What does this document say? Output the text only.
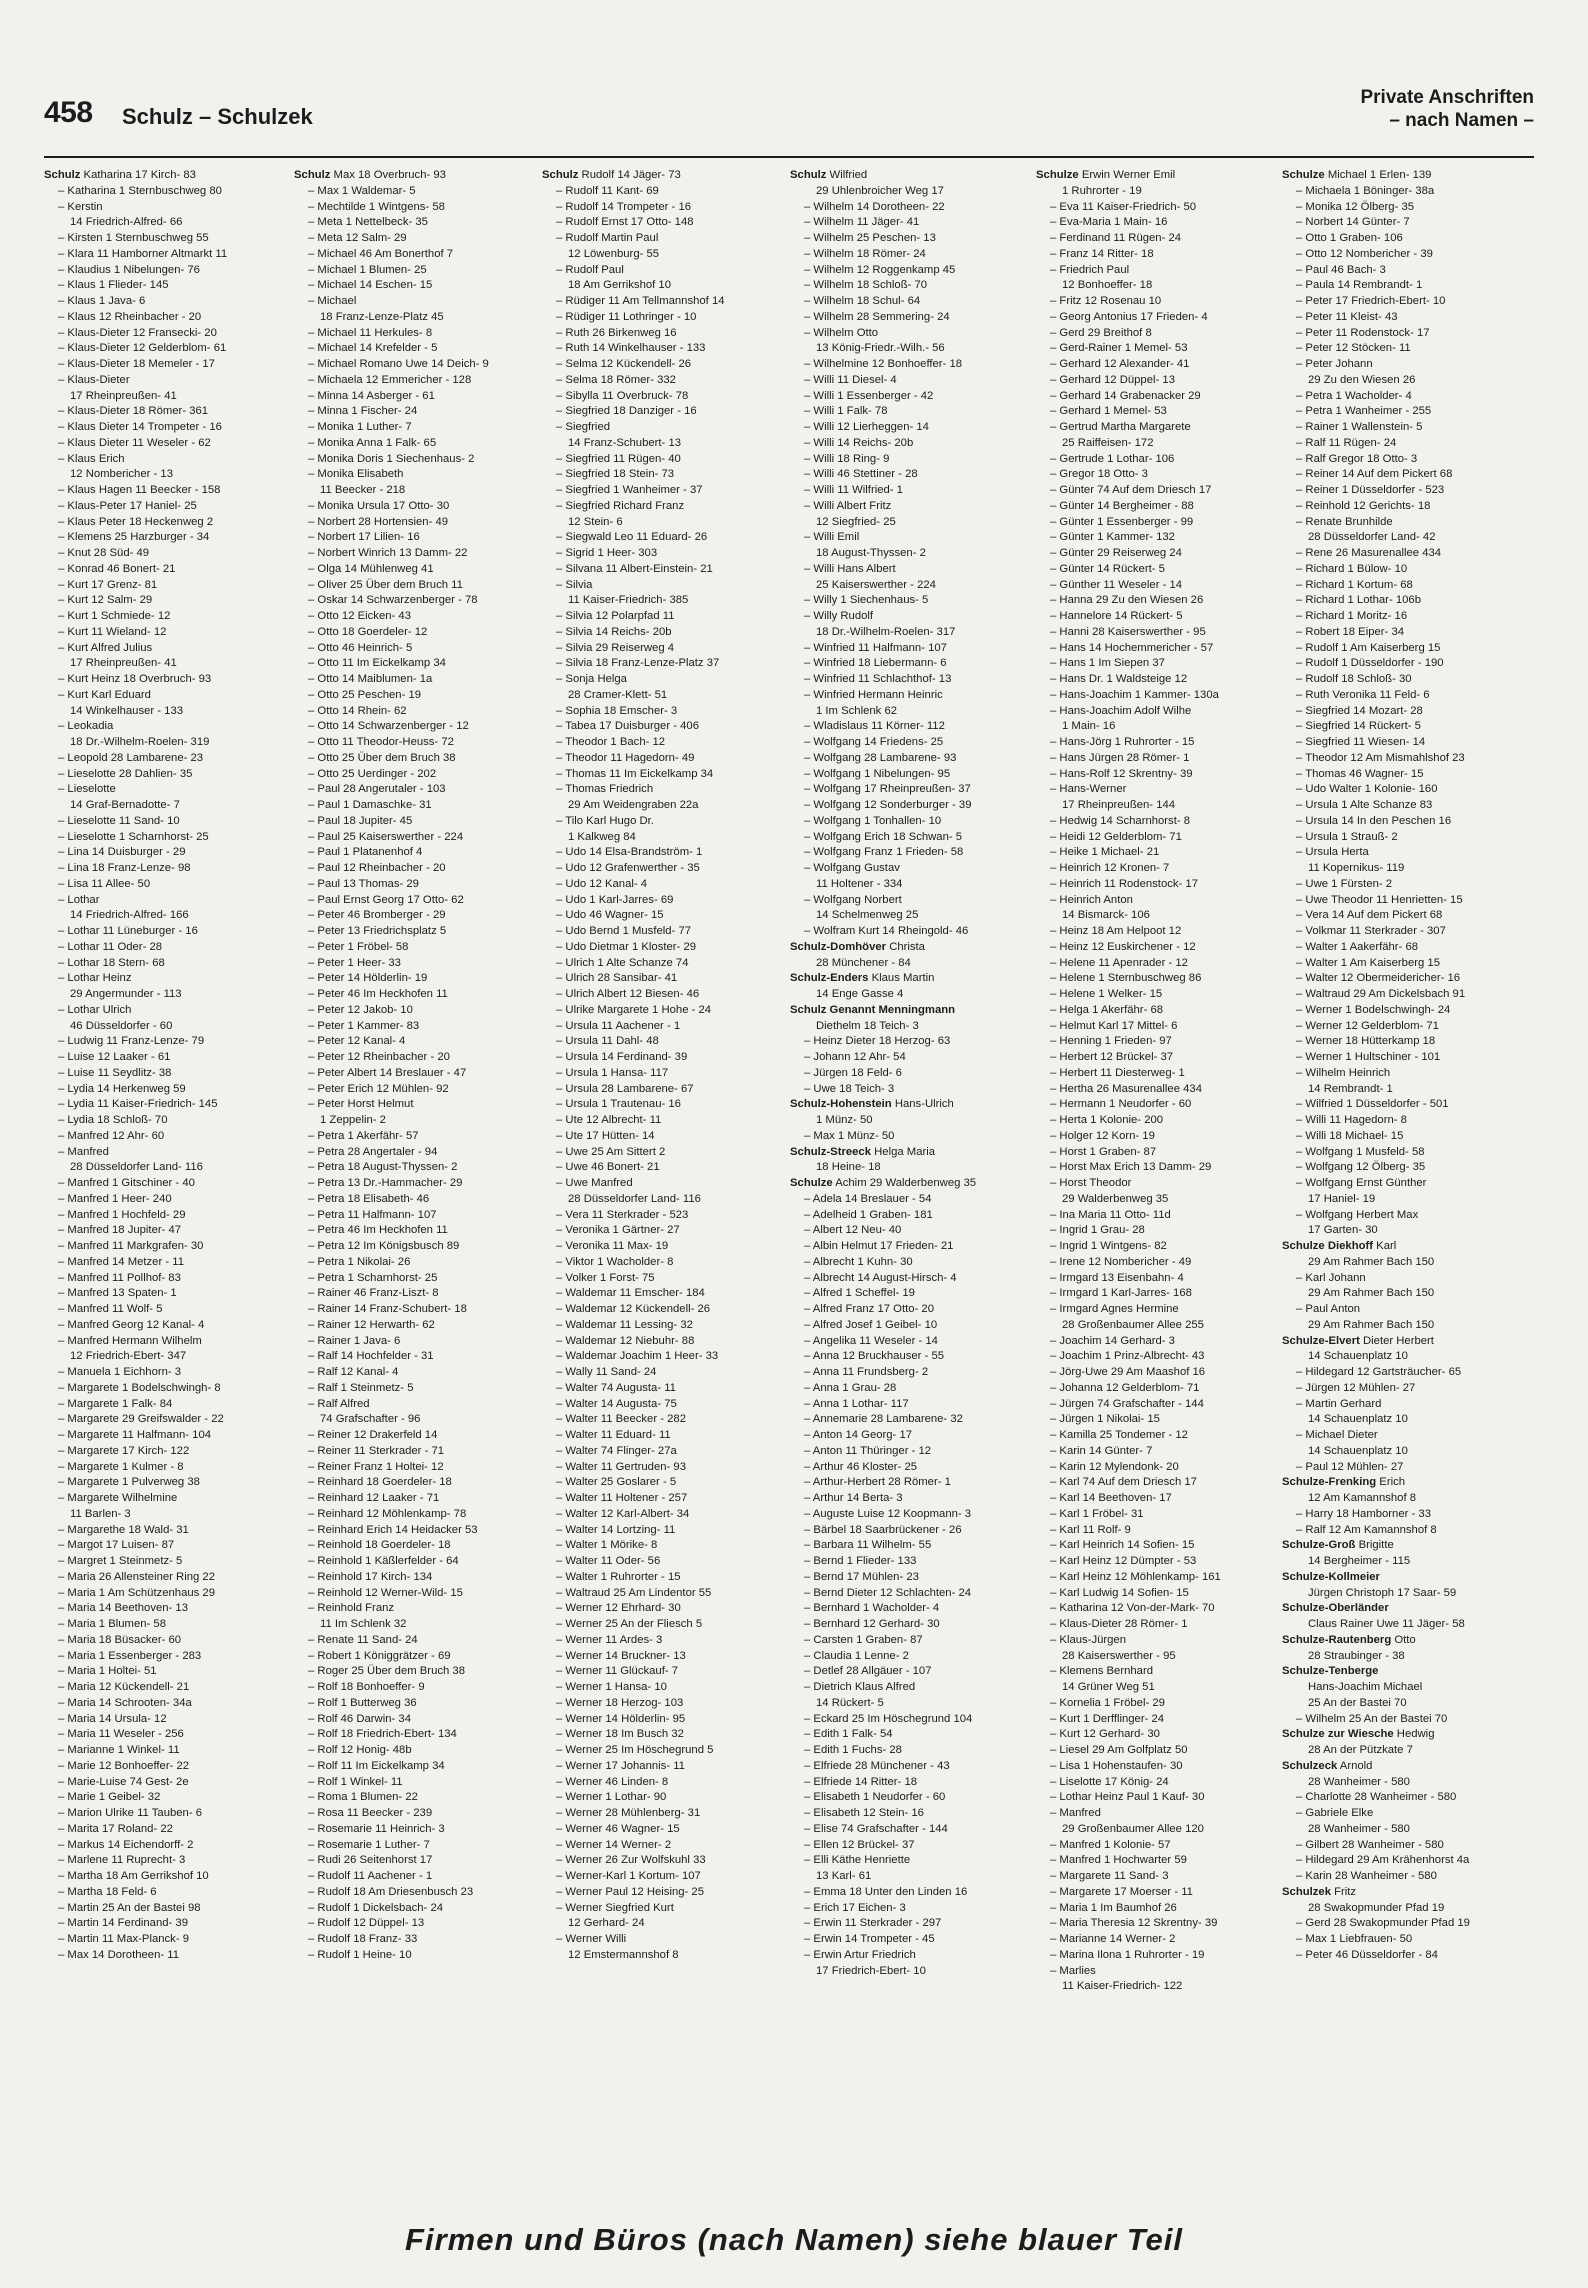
458 Schulz – Schulzek
Private Anschriften
– nach Namen –
Schulz Katharina 17 Kirch- 83
– Katharina 1 Sternbuschweg 80
– Kerstin
14 Friedrich-Alfred- 66
– Kirsten 1 Sternbuschweg 55
– Klara 11 Hamborner Altmarkt 11
– Klaudius 1 Nibelungen- 76
– Klaus 1 Flieder- 145
– Klaus 1 Java- 6
– Klaus 12 Rheinbacher - 20
– Klaus-Dieter 12 Fransecki- 20
– Klaus-Dieter 12 Gelderblom- 61
– Klaus-Dieter 18 Memeler - 17
– Klaus-Dieter
17 Rheinpreußen- 41
– Klaus-Dieter 18 Römer- 361
– Klaus Dieter 14 Trompeter - 16
– Klaus Dieter 11 Weseler - 62
– Klaus Erich
12 Nombericher - 13
– Klaus Hagen 11 Beecker - 158
– Klaus-Peter 17 Haniel- 25
– Klaus Peter 18 Heckenweg 2
– Klemens 25 Harzburger - 34
– Knut 28 Süd- 49
– Konrad 46 Bonert- 21
– Kurt 17 Grenz- 81
– Kurt 12 Salm- 29
– Kurt 1 Schmiede- 12
– Kurt 11 Wieland- 12
– Kurt Alfred Julius
17 Rheinpreußen- 41
– Kurt Heinz 18 Overbruch- 93
– Kurt Karl Eduard
14 Winkelhauser - 133
– Leokadia
18 Dr.-Wilhelm-Roelen- 319
– Leopold 28 Lambarene- 23
– Lieselotte 28 Dahlien- 35
– Lieselotte
14 Graf-Bernadotte- 7
– Lieselotte 11 Sand- 10
– Lieselotte 1 Scharnhorst- 25
– Lina 14 Duisburger - 29
– Lina 18 Franz-Lenze- 98
– Lisa 11 Allee- 50
– Lothar
14 Friedrich-Alfred- 166
– Lothar 11 Lüneburger - 16
– Lothar 11 Oder- 28
– Lothar 18 Stern- 68
– Lothar Heinz
29 Angermunder - 113
– Lothar Ulrich
46 Düsseldorfer - 60
– Ludwig 11 Franz-Lenze- 79
– Luise 12 Laaker - 61
– Luise 11 Seydlitz- 38
– Lydia 14 Herkenweg 59
– Lydia 11 Kaiser-Friedrich- 145
– Lydia 18 Schloß- 70
– Manfred 12 Ahr- 60
– Manfred
28 Düsseldorfer Land- 116
– Manfred 1 Gitschiner - 40
– Manfred 1 Heer- 240
– Manfred 1 Hochfeld- 29
– Manfred 18 Jupiter- 47
– Manfred 11 Markgrafen- 30
– Manfred 14 Metzer - 11
– Manfred 11 Pollhof- 83
– Manfred 13 Spaten- 1
– Manfred 11 Wolf- 5
– Manfred Georg 12 Kanal- 4
– Manfred Hermann Wilhelm
12 Friedrich-Ebert- 347
– Manuela 1 Eichhorn- 3
– Margarete 1 Bodelschwingh- 8
– Margarete 1 Falk- 84
– Margarete 29 Greifswalder - 22
– Margarete 11 Halfmann- 104
– Margarete 17 Kirch- 122
– Margarete 1 Kulmer - 8
– Margarete 1 Pulverweg 38
– Margarete Wilhelmine
11 Barlen- 3
– Margarethe 18 Wald- 31
– Margot 17 Luisen- 87
– Margret 1 Steinmetz- 5
– Maria 26 Allensteiner Ring 22
– Maria 1 Am Schützenhaus 29
– Maria 14 Beethoven- 13
– Maria 1 Blumen- 58
– Maria 18 Büsacker- 60
– Maria 1 Essenberger - 283
– Maria 1 Holtei- 51
– Maria 12 Kückendell- 21
– Maria 14 Schrooten- 34a
– Maria 14 Ursula- 12
– Maria 11 Weseler - 256
– Marianne 1 Winkel- 11
– Marie 12 Bonhoeffer- 22
– Marie-Luise 74 Gest- 2e
– Marie 1 Geibel- 32
– Marion Ulrike 11 Tauben- 6
– Marita 17 Roland- 22
– Markus 14 Eichendorff- 2
– Marlene 11 Ruprecht- 3
– Martha 18 Am Gerrikshof 10
– Martha 18 Feld- 6
– Martin 25 An der Bastei 98
– Martin 14 Ferdinand- 39
– Martin 11 Max-Planck- 9
– Max 14 Dorotheen- 11
Schulz Max 18 Overbruch- 93
– Max 1 Waldemar- 5
– Mechtilde 1 Wintgens- 58
– Meta 1 Nettelbeck- 35
– Meta 12 Salm- 29
– Michael 46 Am Bonerthof 7
– Michael 1 Blumen- 25
– Michael 14 Eschen- 15
– Michael
18 Franz-Lenze-Platz 45
– Michael 11 Herkules- 8
– Michael 14 Krefelder - 5
– Michael Romano Uwe 14 Deich- 9
– Michaela 12 Emmericher - 128
– Minna 14 Asberger - 61
– Minna 1 Fischer- 24
– Monika 1 Luther- 7
– Monika Anna 1 Falk- 65
– Monika Doris 1 Siechenhaus- 2
– Monika Elisabeth
11 Beecker - 218
– Monika Ursula 17 Otto- 30
– Norbert 28 Hortensien- 49
– Norbert 17 Lilien- 16
– Norbert Winrich 13 Damm- 22
– Olga 14 Mühlenweg 41
– Oliver 25 Über dem Bruch 11
– Oskar 14 Schwarzenberger - 78
– Otto 12 Eicken- 43
– Otto 18 Goerdeler- 12
– Otto 46 Heinrich- 5
– Otto 11 Im Eickelkamp 34
– Otto 14 Maiblumen- 1a
– Otto 25 Peschen- 19
– Otto 14 Rhein- 62
– Otto 14 Schwarzenberger - 12
– Otto 11 Theodor-Heuss- 72
– Otto 25 Über dem Bruch 38
– Otto 25 Uerdinger - 202
– Paul 28 Angerutaler - 103
– Paul 1 Damaschke- 31
– Paul 18 Jupiter- 45
– Paul 25 Kaiserswerther - 224
– Paul 1 Platanenhof 4
– Paul 12 Rheinbacher - 20
– Paul 13 Thomas- 29
– Paul Ernst Georg 17 Otto- 62
– Peter 46 Bromberger - 29
– Peter 13 Friedrichsplatz 5
– Peter 1 Fröbel- 58
– Peter 1 Heer- 33
– Peter 14 Hölderlin- 19
– Peter 46 Im Heckhofen 11
– Peter 12 Jakob- 10
– Peter 1 Kammer- 83
– Peter 12 Kanal- 4
– Peter 12 Rheinbacher - 20
– Peter Albert 14 Breslauer - 47
– Peter Erich 12 Mühlen- 92
– Peter Horst Helmut
1 Zeppelin- 2
– Petra 1 Akerfähr- 57
– Petra 28 Angertaler - 94
– Petra 18 August-Thyssen- 2
– Petra 13 Dr.-Hammacher- 29
– Petra 18 Elisabeth- 46
– Petra 11 Halfmann- 107
– Petra 46 Im Heckhofen 11
– Petra 12 Im Königsbusch 89
– Petra 1 Nikolai- 26
– Petra 1 Scharnhorst- 25
– Rainer 46 Franz-Liszt- 8
– Rainer 14 Franz-Schubert- 18
– Rainer 12 Herwarth- 62
– Rainer 1 Java- 6
– Ralf 14 Hochfelder - 31
– Ralf 12 Kanal- 4
– Ralf 1 Steinmetz- 5
– Ralf Alfred
74 Grafschafter - 96
– Reiner 12 Drakerfeld 14
– Reiner 11 Sterkrader - 71
– Reiner Franz 1 Holtei- 12
– Reinhard 18 Goerdeler- 18
– Reinhard 12 Laaker - 71
– Reinhard 12 Möhlenkamp- 78
– Reinhard Erich 14 Heidacker 53
– Reinhold 18 Goerdeler- 18
– Reinhold 1 Käßlerfelder - 64
– Reinhold 17 Kirch- 134
– Reinhold 12 Werner-Wild- 15
– Reinhold Franz
11 Im Schlenk 32
– Renate 11 Sand- 24
– Robert 1 Königgrätzer - 69
– Roger 25 Über dem Bruch 38
– Rolf 18 Bonhoeffer- 9
– Rolf 1 Butterweg 36
– Rolf 46 Darwin- 34
– Rolf 18 Friedrich-Ebert- 134
– Rolf 12 Honig- 48b
– Rolf 11 Im Eickelkamp 34
– Rolf 1 Winkel- 11
– Roma 1 Blumen- 22
– Rosa 11 Beecker - 239
– Rosemarie 11 Heinrich- 3
– Rosemarie 1 Luther- 7
– Rudi 26 Seitenhorst 17
– Rudolf 11 Aachener - 1
– Rudolf 18 Am Driesenbusch 23
– Rudolf 1 Dickelsbach- 24
– Rudolf 12 Düppel- 13
– Rudolf 18 Franz- 33
– Rudolf 1 Heine- 10
Schulz Rudolf 14 Jäger- 73
– Rudolf 11 Kant- 69
– Rudolf 14 Trompeter - 16
– Rudolf Ernst 17 Otto- 148
– Rudolf Martin Paul
12 Löwenburg- 55
– Rudolf Paul
18 Am Gerrikshof 10
– Rüdiger 11 Am Tellmannshof 14
– Rüdiger 11 Lothringer - 10
– Ruth 26 Birkenweg 16
– Ruth 14 Winkelhauser - 133
– Selma 12 Kückendell- 26
– Selma 18 Römer- 332
– Sibylla 11 Overbruck- 78
– Siegfried 18 Danziger - 16
– Siegfried
14 Franz-Schubert- 13
– Siegfried 11 Rügen- 40
– Siegfried 18 Stein- 73
– Siegfried 1 Wanheimer - 37
– Siegfried Richard Franz
12 Stein- 6
– Siegwald Leo 11 Eduard- 26
– Sigrid 1 Heer- 303
– Silvana 11 Albert-Einstein- 21
– Silvia
11 Kaiser-Friedrich- 385
– Silvia 12 Polarpfad 11
– Silvia 14 Reichs- 20b
– Silvia 29 Reiserweg 4
– Silvia 18 Franz-Lenze-Platz 37
– Sonja Helga
28 Cramer-Klett- 51
– Sophia 18 Emscher- 3
– Tabea 17 Duisburger - 406
– Theodor 1 Bach- 12
– Theodor 11 Hagedorn- 49
– Thomas 11 Im Eickelkamp 34
– Thomas Friedrich
29 Am Weidengraben 22a
– Tilo Karl Hugo Dr.
1 Kalkweg 84
– Udo 14 Elsa-Brandström- 1
– Udo 12 Grafenwerther - 35
– Udo 12 Kanal- 4
– Udo 1 Karl-Jarres- 69
– Udo 46 Wagner- 15
– Udo Bernd 1 Musfeld- 77
– Udo Dietmar 1 Kloster- 29
– Ulrich 1 Alte Schanze 74
– Ulrich 28 Sansibar- 41
– Ulrich Albert 12 Biesen- 46
– Ulrike Margarete 1 Hohe - 24
– Ursula 11 Aachener - 1
– Ursula 11 Dahl- 48
– Ursula 14 Ferdinand- 39
– Ursula 1 Hansa- 117
– Ursula 28 Lambarene- 67
– Ursula 1 Trautenau- 16
– Ute 12 Albrecht- 11
– Ute 17 Hütten- 14
– Uwe 25 Am Sittert 2
– Uwe 46 Bonert- 21
– Uwe Manfred
28 Düsseldorfer Land- 116
– Vera 11 Sterkrader - 523
– Veronika 1 Gärtner- 27
– Veronika 11 Max- 19
– Viktor 1 Wacholder- 8
– Volker 1 Forst- 75
– Waldemar 11 Emscher- 184
– Waldemar 12 Kückendell- 26
– Waldemar 11 Lessing- 32
– Waldemar 12 Niebuhr- 88
– Waldemar Joachim 1 Heer- 33
– Wally 11 Sand- 24
– Walter 74 Augusta- 11
– Walter 14 Augusta- 75
– Walter 11 Beecker - 282
– Walter 11 Eduard- 11
– Walter 74 Flinger- 27a
– Walter 11 Gertruden- 93
– Walter 25 Goslarer - 5
– Walter 11 Holtener - 257
– Walter 12 Karl-Albert- 34
– Walter 14 Lortzing- 11
– Walter 1 Mörike- 8
– Walter 11 Oder- 56
– Walter 1 Ruhrorter - 15
– Waltraud 25 Am Lindentor 55
– Werner 12 Ehrhard- 30
– Werner 25 An der Fliesch 5
– Werner 11 Ardes- 3
– Werner 14 Bruckner- 13
– Werner 11 Glückauf- 7
– Werner 1 Hansa- 10
– Werner 18 Herzog- 103
– Werner 14 Hölderlin- 95
– Werner 18 Im Busch 32
– Werner 25 Im Höschegrund 5
– Werner 17 Johannis- 11
– Werner 46 Linden- 8
– Werner 1 Lothar- 90
– Werner 28 Mühlenberg- 31
– Werner 46 Wagner- 15
– Werner 14 Werner- 2
– Werner 26 Zur Wolfskuhl 33
– Werner-Karl 1 Kortum- 107
– Werner Paul 12 Heising- 25
– Werner Siegfried Kurt
12 Gerhard- 24
– Werner Willi
12 Emstermannshof 8
Schulz Wilfried
29 Uhlenbroicher Weg 17
– Wilhelm 14 Dorotheen- 22
– Wilhelm 11 Jäger- 41
– Wilhelm 25 Peschen- 13
– Wilhelm 18 Römer- 24
– Wilhelm 12 Roggenkamp 45
– Wilhelm 18 Schloß- 70
– Wilhelm 18 Schul- 64
– Wilhelm 28 Semmering- 24
– Wilhelm Otto
13 König-Friedr.-Wilh.- 56
– Wilhelmine 12 Bonhoeffer- 18
– Willi 11 Diesel- 4
– Willi 1 Essenberger - 42
– Willi 1 Falk- 78
– Willi 12 Lierheggen- 14
– Willi 14 Reichs- 20b
– Willi 18 Ring- 9
– Willi 46 Stettiner - 28
– Willi 11 Wilfried- 1
– Willi Albert Fritz
12 Siegfried- 25
– Willi Emil
18 August-Thyssen- 2
– Willi Hans Albert
25 Kaiserswerther - 224
– Willy 1 Siechenhaus- 5
– Willy Rudolf
18 Dr.-Wilhelm-Roelen- 317
– Winfried 11 Halfmann- 107
– Winfried 18 Liebermann- 6
– Winfried 11 Schlachthof- 13
– Winfried Hermann Heinric
1 Im Schlenk 62
– Wladislaus 11 Körner- 112
– Wolfgang 14 Friedens- 25
– Wolfgang 28 Lambarene- 93
– Wolfgang 1 Nibelungen- 95
– Wolfgang 17 Rheinpreußen- 37
– Wolfgang 12 Sonderburger - 39
– Wolfgang 1 Tonhallen- 10
– Wolfgang Erich 18 Schwan- 5
– Wolfgang Franz 1 Frieden- 58
– Wolfgang Gustav
11 Holtener - 334
– Wolfgang Norbert
14 Schelmenweg 25
– Wolfram Kurt 14 Rheingold- 46
Schulz-Domhöver Christa
28 Münchener - 84
Schulz-Enders Klaus Martin
14 Enge Gasse 4
Schulz Genannt Menningmann
Diethelm 18 Teich- 3
– Heinz Dieter 18 Herzog- 63
– Johann 12 Ahr- 54
– Jürgen 18 Feld- 6
– Uwe 18 Teich- 3
Schulz-Hohenstein Hans-Ulrich
1 Münz- 50
– Max 1 Münz- 50
Schulz-Streeck Helga Maria
18 Heine- 18
Schulze Achim 29 Walderbenweg 35
– Adela 14 Breslauer - 54
– Adelheid 1 Graben- 181
– Albert 12 Neu- 40
– Albin Helmut 17 Frieden- 21
– Albrecht 1 Kuhn- 30
– Albrecht 14 August-Hirsch- 4
– Alfred 1 Scheffel- 19
– Alfred Franz 17 Otto- 20
– Alfred Josef 1 Geibel- 10
– Angelika 11 Weseler - 14
– Anna 12 Bruckhauser - 55
– Anna 11 Frundsberg- 2
– Anna 1 Grau- 28
– Anna 1 Lothar- 117
– Annemarie 28 Lambarene- 32
– Anton 14 Georg- 17
– Anton 11 Thüringer - 12
– Arthur 46 Kloster- 25
– Arthur-Herbert 28 Römer- 1
– Arthur 14 Berta- 3
– Auguste Luise 12 Koopmann- 3
– Bärbel 18 Saarbrückener - 26
– Barbara 11 Wilhelm- 55
– Bernd 1 Flieder- 133
– Bernd 17 Mühlen- 23
– Bernd Dieter 12 Schlachten- 24
– Bernhard 1 Wacholder- 4
– Bernhard 12 Gerhard- 30
– Carsten 1 Graben- 87
– Claudia 1 Lenne- 2
– Detlef 28 Allgäuer - 107
– Dietrich Klaus Alfred
14 Rückert- 5
– Eckard 25 Im Höschegrund 104
– Edith 1 Falk- 54
– Edith 1 Fuchs- 28
– Elfriede 28 Münchener - 43
– Elfriede 14 Ritter- 18
– Elisabeth 1 Neudorfer - 60
– Elisabeth 12 Stein- 16
– Elise 74 Grafschafter - 144
– Ellen 12 Brückel- 37
– Elli Käthe Henriette
13 Karl- 61
– Emma 18 Unter den Linden 16
– Erich 17 Eichen- 3
– Erwin 11 Sterkrader - 297
– Erwin 14 Trompeter - 45
– Erwin Artur Friedrich
17 Friedrich-Ebert- 10
Schulze Erwin Werner Emil
1 Ruhrorter - 19
– Eva 11 Kaiser-Friedrich- 50
– Eva-Maria 1 Main- 16
– Ferdinand 11 Rügen- 24
– Franz 14 Ritter- 18
– Friedrich Paul
12 Bonhoeffer- 18
– Fritz 12 Rosenau 10
– Georg Antonius 17 Frieden- 4
– Gerd 29 Breithof 8
– Gerd-Rainer 1 Memel- 53
– Gerhard 12 Alexander- 41
– Gerhard 12 Düppel- 13
– Gerhard 14 Grabenacker 29
– Gerhard 1 Memel- 53
– Gertrud Martha Margarete
25 Raiffeisen- 172
– Gertrude 1 Lothar- 106
– Gregor 18 Otto- 3
– Günter 74 Auf dem Driesch 17
– Günter 14 Bergheimer - 88
– Günter 1 Essenberger - 99
– Günter 1 Kammer- 132
– Günter 29 Reiserweg 24
– Günter 14 Rückert- 5
– Günther 11 Weseler - 14
– Hanna 29 Zu den Wiesen 26
– Hannelore 14 Rückert- 5
– Hanni 28 Kaiserswerther - 95
– Hans 14 Hochemmericher - 57
– Hans 1 Im Siepen 37
– Hans Dr. 1 Waldsteige 12
– Hans-Joachim 1 Kammer- 130a
– Hans-Joachim Adolf Wilhe
1 Main- 16
– Hans-Jörg 1 Ruhrorter - 15
– Hans Jürgen 28 Römer- 1
– Hans-Rolf 12 Skrentny- 39
– Hans-Werner
17 Rheinpreußen- 144
– Hedwig 14 Scharnhorst- 8
– Heidi 12 Gelderblom- 71
– Heike 1 Michael- 21
– Heinrich 12 Kronen- 7
– Heinrich 11 Rodenstock- 17
– Heinrich Anton
14 Bismarck- 106
– Heinz 18 Am Helpoot 12
– Heinz 12 Euskirchener - 12
– Helene 11 Apenrader - 12
– Helene 1 Sternbuschweg 86
– Helene 1 Welker- 15
– Helga 1 Akerfähr- 68
– Helmut Karl 17 Mittel- 6
– Henning 1 Frieden- 97
– Herbert 12 Brückel- 37
– Herbert 11 Diesterweg- 1
– Hertha 26 Masurenallee 434
– Hermann 1 Neudorfer - 60
– Herta 1 Kolonie- 200
– Holger 12 Korn- 19
– Horst 1 Graben- 87
– Horst Max Erich 13 Damm- 29
– Horst Theodor
29 Walderbenweg 35
– Ina Maria 11 Otto- 11d
– Ingrid 1 Grau- 28
– Ingrid 1 Wintgens- 82
– Irene 12 Nombericher - 49
– Irmgard 13 Eisenbahn- 4
– Irmgard 1 Karl-Jarres- 168
– Irmgard Agnes Hermine
28 Großenbaumer Allee 255
– Joachim 14 Gerhard- 3
– Joachim 1 Prinz-Albrecht- 43
– Jörg-Uwe 29 Am Maashof 16
– Johanna 12 Gelderblom- 71
– Jürgen 74 Grafschafter - 144
– Jürgen 1 Nikolai- 15
– Kamilla 25 Tondemer - 12
– Karin 14 Günter- 7
– Karin 12 Mylendonk- 20
– Karl 74 Auf dem Driesch 17
– Karl 14 Beethoven- 17
– Karl 1 Fröbel- 31
– Karl 11 Rolf- 9
– Karl Heinrich 14 Sofien- 15
– Karl Heinz 12 Dümpter - 53
– Karl Heinz 12 Möhlenkamp- 161
– Karl Ludwig 14 Sofien- 15
– Katharina 12 Von-der-Mark- 70
– Klaus-Dieter 28 Römer- 1
– Klaus-Jürgen
28 Kaiserswerther - 95
– Klemens Bernhard
14 Grüner Weg 51
– Kornelia 1 Fröbel- 29
– Kurt 1 Derfflinger- 24
– Kurt 12 Gerhard- 30
– Liesel 29 Am Golfplatz 50
– Lisa 1 Hohenstaufen- 30
– Liselotte 17 König- 24
– Lothar Heinz Paul 1 Kauf- 30
– Manfred
29 Großenbaumer Allee 120
– Manfred 1 Kolonie- 57
– Manfred 1 Hochwarter 59
– Margarete 11 Sand- 3
– Margarete 17 Moerser - 11
– Maria 1 Im Baumhof 26
– Maria Theresia 12 Skrentny- 39
– Marianne 14 Werner- 2
– Marina Ilona 1 Ruhrorter - 19
– Marlies
11 Kaiser-Friedrich- 122
Schulze Michael 1 Erlen- 139
– Michaela 1 Böninger- 38a
– Monika 12 Ölberg- 35
– Norbert 14 Günter- 7
– Otto 1 Graben- 106
– Otto 12 Nombericher - 39
– Paul 46 Bach- 3
– Paula 14 Rembrandt- 1
– Peter 17 Friedrich-Ebert- 10
– Peter 11 Kleist- 43
– Peter 11 Rodenstock- 17
– Peter 12 Stöcken- 11
– Peter Johann
29 Zu den Wiesen 26
– Petra 1 Wacholder- 4
– Petra 1 Wanheimer - 255
– Rainer 1 Wallenstein- 5
– Ralf 11 Rügen- 24
– Ralf Gregor 18 Otto- 3
– Reiner 14 Auf dem Pickert 68
– Reiner 1 Düsseldorfer - 523
– Reinhold 12 Gerichts- 18
– Renate Brunhilde
28 Düsseldorfer Land- 42
– Rene 26 Masurenallee 434
– Richard 1 Bülow- 10
– Richard 1 Kortum- 68
– Richard 1 Lothar- 106b
– Richard 1 Moritz- 16
– Robert 18 Eiper- 34
– Rudolf 1 Am Kaiserberg 15
– Rudolf 1 Düsseldorfer - 190
– Rudolf 18 Schloß- 30
– Ruth Veronika 11 Feld- 6
– Siegfried 14 Mozart- 28
– Siegfried 14 Rückert- 5
– Siegfried 11 Wiesen- 14
– Theodor 12 Am Mismahlshof 23
– Thomas 46 Wagner- 15
– Udo Walter 1 Kolonie- 160
– Ursula 1 Alte Schanze 83
– Ursula 14 In den Peschen 16
– Ursula 1 Strauß- 2
– Ursula Herta
11 Kopernikus- 119
– Uwe 1 Fürsten- 2
– Uwe Theodor 11 Henrietten- 15
– Vera 14 Auf dem Pickert 68
– Volkmar 11 Sterkrader - 307
– Walter 1 Aakerfähr- 68
– Walter 1 Am Kaiserberg 15
– Walter 12 Obermeidericher- 16
– Waltraud 29 Am Dickelsbach 91
– Werner 1 Bodelschwingh- 24
– Werner 12 Gelderblom- 71
– Werner 18 Hütterkamp 18
– Werner 1 Hultschiner - 101
– Wilhelm Heinrich
14 Rembrandt- 1
– Wilfried 1 Düsseldorfer - 501
– Willi 11 Hagedorn- 8
– Willi 18 Michael- 15
– Wolfgang 1 Musfeld- 58
– Wolfgang 12 Ölberg- 35
– Wolfgang Ernst Günther
17 Haniel- 19
– Wolfgang Herbert Max
17 Garten- 30
Schulze Diekhoff Karl
29 Am Rahmer Bach 150
– Karl Johann
29 Am Rahmer Bach 150
– Paul Anton
29 Am Rahmer Bach 150
Schulze-Elvert Dieter Herbert
14 Schauenplatz 10
– Hildegard 12 Gartsträucher- 65
– Jürgen 12 Mühlen- 27
– Martin Gerhard
14 Schauenplatz 10
– Michael Dieter
14 Schauenplatz 10
– Paul 12 Mühlen- 27
Schulze-Frenking Erich
12 Am Kamannshof 8
– Harry 18 Hamborner - 33
– Ralf 12 Am Kamannshof 8
Schulze-Groß Brigitte
14 Bergheimer - 115
Schulze-Kollmeier
Jürgen Christoph 17 Saar- 59
Schulze-Oberländer
Claus Rainer Uwe 11 Jäger- 58
Schulze-Rautenberg Otto
28 Straubinger - 38
Schulze-Tenberge
Hans-Joachim Michael
25 An der Bastei 70
– Wilhelm 25 An der Bastei 70
Schulze zur Wiesche Hedwig
28 An der Pützkate 7
Schulzeck Arnold
28 Wanheimer - 580
– Charlotte 28 Wanheimer - 580
– Gabriele Elke
28 Wanheimer - 580
– Gilbert 28 Wanheimer - 580
– Hildegard 29 Am Krähenhorst 4a
– Karin 28 Wanheimer - 580
Schulzek Fritz
28 Swakopmunder Pfad 19
– Gerd 28 Swakopmunder Pfad 19
– Max 1 Liebfrauen- 50
– Peter 46 Düsseldorfer - 84
Firmen und Büros (nach Namen) siehe blauer Teil
